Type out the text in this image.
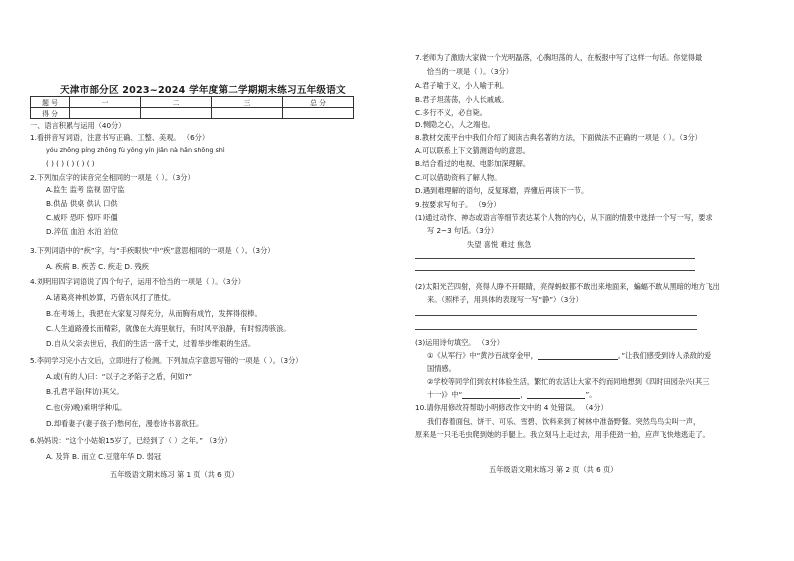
天津市部分区 2023~2024 学年度第二学期期末练习五年级语文
题 号	一	二	三	总 分
得 分				
一、语言积累与运用（40分）
1.看拼音写词语，注意书写正确、工整、美观。 （6分）
yóu zhōng píng zhǒng fù yǒng yín jiǎn nà hǎn shōng shì
( ) ( ) ( ) ( ) ( )
2.下列加点字的读音完全相同的一项是（ ）。（3分）
A.监生 监考 监视 固守监
B.供品 供桌 供认 口供
C.威吓 恐吓 惊吓 吓僵
D.淬伍 血泊 水泊 泊位
3.下列词语中的“疾”字，与“手疾眼快”中“疾”意思相同的一项是（ ）。（3分）
A. 疾病 B. 疾苦 C. 疾走 D. 残疾
4.刘明用四字词语说了四个句子，运用不恰当的一项是（ ）。（3分）
A.诸葛亮神机妙算，巧借东风打了胜仗。
B.在考场上，我把在大家复习得充分，从而胸有成竹，发挥得很棒。
C.人生道路漫长而精彩，就像在大海里航行，有时风平浪静，有时惊涛骇浪。
D.自从父亲去世后，我们的生活一落千丈，过着举步维艰的生活。
5.李同学习完小古文后，立即进行了检测。下列加点字意思写错的一项是（ ）。（3分）
A.或(有的人)曰：“以子之矛陷子之盾，何如?”
B.孔君平诣(拜访)其父。
C.也(旁)晚)乘明学种瓜。
D.却看妻子(妻子孩子)愁何在，漫卷诗书喜欲狂。
6.妈妈说：“这个小姑娘15岁了，已经到了（ ）之年。” （3分）
A. 及笄 B. 而立 C.豆蔻年华 D. 弱冠
五年级语文期末练习 第 1 页（共 6 页）
7.老师为了激励大家做一个光明磊落，心胸坦荡的人，在板报中写了这样一句话。你觉得最
恰当的一项是（ ）。（3分）
A.君子喻于义，小人喻于利。
B.君子坦荡荡，小人长戚戚。
C.多行不义，必自毙。
D.恻隐之心，人之端也。
8.教材交流平台中我们介绍了阅读古典名著的方法，下面做法不正确的一项是（ ）。（3分）
A.可以联系上下文猜测语句的意思。
B.结合看过的电视、电影加深理解。
C.可以借助资料了解人物。
D.遇到难理解的语句，反复琢磨，弄懂后再读下一节。
9.按要求写句子。 （9分）
(1)通过动作、神态或语言等细节表达某个人物的内心，从下面的情景中选择一个写一写，要求
写 2~3 句话。（3分）
失望 喜悦 难过 焦急
(2)太阳光芒四射，亮得人睁不开眼睛，亮得蚂蚁都不敢出来地面来，蝙蝠不敢从黑暗的地方飞出
来。（照样子，用具体的表现写一写“静”）（3分）
(3)运用诗句填空。 （3分）
①《从军行》中“黄沙百战穿金甲，	。”让我们感受到诗人杀敌的爱
国情感。
②学校等同学们到农村体验生活，繁忙的农活让大家不约而同地想到《四时田园杂兴(其三
十一)》中“	，	”。
10.请你用修改符帮助小明修改作文中的 4 处错误。 （4分）
我们春着面包、饼干、可乐、雪碧、饮料来到了树林中准备野餐。突然鸟鸟尖叫一声，
原来是一只毛毛虫爬到她的手腿上。我立刻马上走过去，用手使劲一拍，应声飞快地逃走了。
五年级语文期末练习 第 2 页（共 6 页）
